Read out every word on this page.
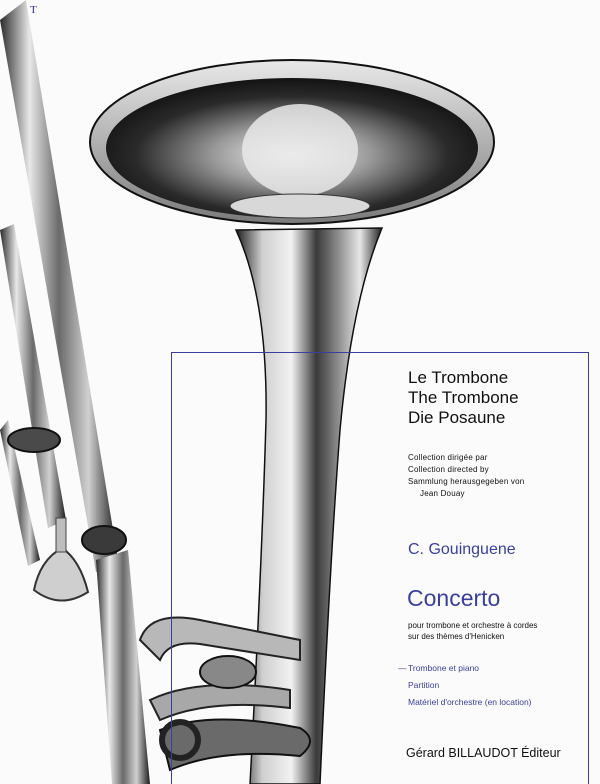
T
Le Trombone
The Trombone
Die Posaune
Collection dirigée par
Collection directed by
Sammlung herausgegeben von
Jean Douay
C. Gouinguene
Concerto
pour trombone et orchestre à cordes
sur des thèmes d'Henicken
— Trombone et piano
Partition
Matériel d'orchestre (en location)
Gérard BILLAUDOT Éditeur
